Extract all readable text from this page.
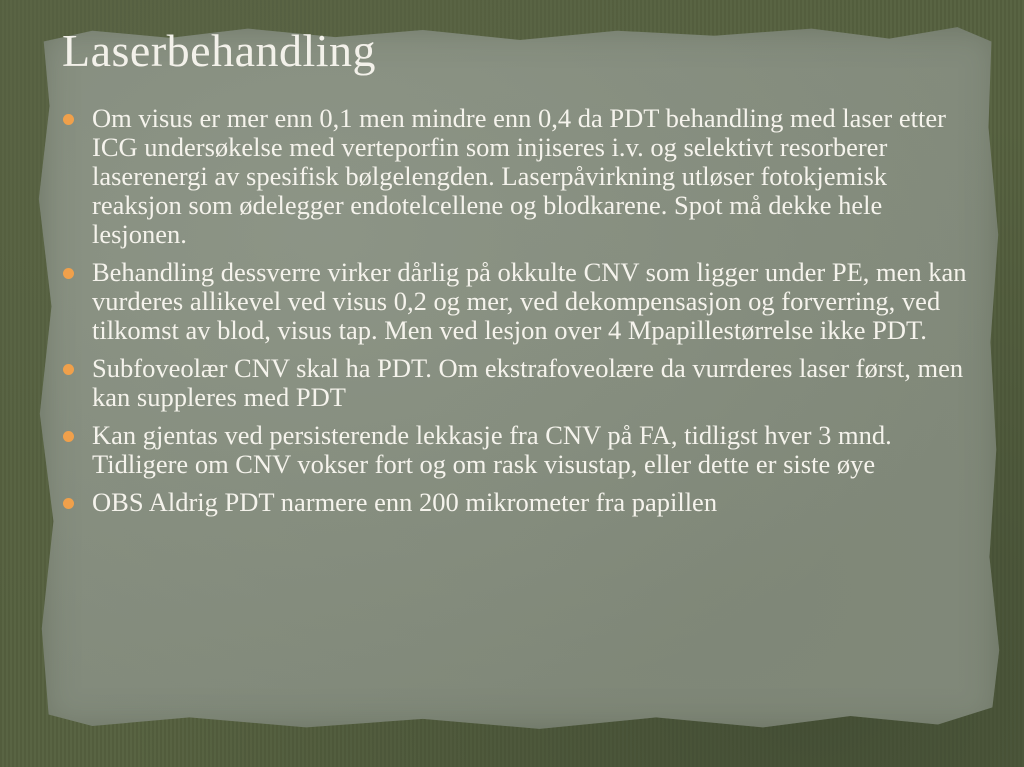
Laserbehandling
Om visus er mer enn 0,1 men mindre enn 0,4 da PDT behandling med laser etter ICG undersøkelse med verteporfin som injiseres i.v. og selektivt resorberer laserenergi av spesifisk bølgelengden. Laserpåvirkning utløser fotokjemisk reaksjon som ødelegger endotelcellene og blodkarene. Spot må dekke hele lesjonen.
Behandling dessverre virker dårlig på okkulte CNV som ligger under PE, men kan vurderes allikevel ved visus 0,2 og mer, ved dekompensasjon og forverring, ved tilkomst av blod, visus tap. Men ved lesjon over 4 Mpapillestørrelse ikke PDT.
Subfoveolær CNV skal ha PDT. Om ekstrafoveolære da vurrderes laser først, men kan suppleres med PDT
Kan gjentas ved persisterende lekkasje fra CNV på FA, tidligst hver 3 mnd. Tidligere om CNV vokser fort og om rask visustap, eller dette er siste øye
OBS Aldrig PDT narmere enn 200 mikrometer fra papillen
